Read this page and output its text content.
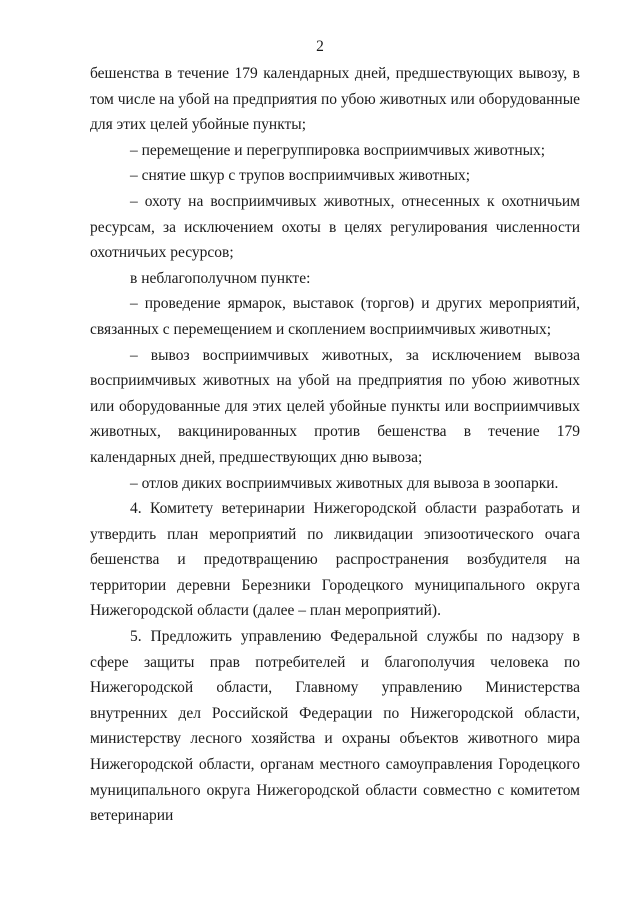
2

бешенства в течение 179 календарных дней, предшествующих вывозу, в том числе на убой на предприятия по убою животных или оборудованные для этих целей убойные пункты;

– перемещение и перегруппировка восприимчивых животных;

– снятие шкур с трупов восприимчивых животных;

– охоту на восприимчивых животных, отнесенных к охотничьим ресурсам, за исключением охоты в целях регулирования численности охотничьих ресурсов;

в неблагополучном пункте:

– проведение ярмарок, выставок (торгов) и других мероприятий, связанных с перемещением и скоплением восприимчивых животных;

– вывоз восприимчивых животных, за исключением вывоза восприимчивых животных на убой на предприятия по убою животных или оборудованные для этих целей убойные пункты или восприимчивых животных, вакцинированных против бешенства в течение 179 календарных дней, предшествующих дню вывоза;

– отлов диких восприимчивых животных для вывоза в зоопарки.

4. Комитету ветеринарии Нижегородской области разработать и утвердить план мероприятий по ликвидации эпизоотического очага бешенства и предотвращению распространения возбудителя на территории деревни Березники Городецкого муниципального округа Нижегородской области (далее – план мероприятий).

5. Предложить управлению Федеральной службы по надзору в сфере защиты прав потребителей и благополучия человека по Нижегородской области, Главному управлению Министерства внутренних дел Российской Федерации по Нижегородской области, министерству лесного хозяйства и охраны объектов животного мира Нижегородской области, органам местного самоуправления Городецкого муниципального округа Нижегородской области совместно с комитетом ветеринарии
